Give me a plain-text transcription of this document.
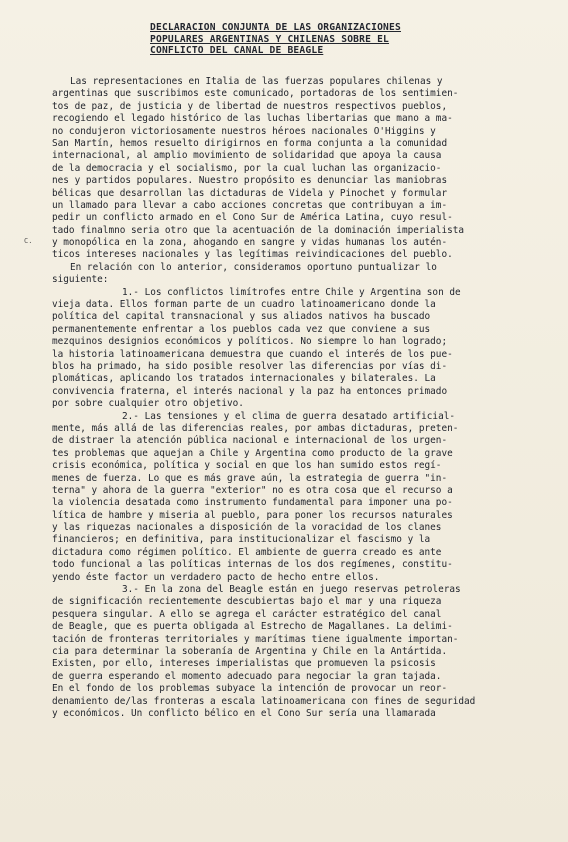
DECLARACION CONJUNTA DE LAS ORGANIZACIONES
POPULARES ARGENTINAS Y CHILENAS SOBRE EL
CONFLICTO DEL CANAL DE BEAGLE
C.
Las representaciones en Italia de las fuerzas populares chilenas y
argentinas que suscribimos este comunicado, portadoras de los sentimien-
tos de paz, de justicia y de libertad de nuestros respectivos pueblos,
recogiendo el legado histórico de las luchas libertarias que mano a ma-
no condujeron victoriosamente nuestros héroes nacionales O'Higgins y
San Martín, hemos resuelto dirigirnos en forma conjunta a la comunidad
internacional, al amplio movimiento de solidaridad que apoya la causa
de la democracia y el socialismo, por la cual luchan las organizacio-
nes y partidos populares. Nuestro propósito es denunciar las maniobras
bélicas que desarrollan las dictaduras de Videla y Pinochet y formular
un llamado para llevar a cabo acciones concretas que contribuyan a im-
pedir un conflicto armado en el Cono Sur de América Latina, cuyo resul-
tado finalmno seria otro que la acentuación de la dominación imperialista
y monopólica en la zona, ahogando en sangre y vidas humanas los autén-
ticos intereses nacionales y las legítimas reivindicaciones del pueblo.
En relación con lo anterior, consideramos oportuno puntualizar lo
siguiente:
1.- Los conflictos limítrofes entre Chile y Argentina son de
vieja data. Ellos forman parte de un cuadro latinoamericano donde la
política del capital transnacional y sus aliados nativos ha buscado
permanentemente enfrentar a los pueblos cada vez que conviene a sus
mezquinos designios económicos y políticos. No siempre lo han logrado;
la historia latinoamericana demuestra que cuando el interés de los pue-
blos ha primado, ha sido posible resolver las diferencias por vías di-
plomáticas, aplicando los tratados internacionales y bilaterales. La
convivencia fraterna, el interés nacional y la paz ha entonces primado
por sobre cualquier otro objetivo.
2.- Las tensiones y el clima de guerra desatado artificial-
mente, más allá de las diferencias reales, por ambas dictaduras, preten-
de distraer la atención pública nacional e internacional de los urgen-
tes problemas que aquejan a Chile y Argentina como producto de la grave
crisis económica, política y social en que los han sumido estos regí-
menes de fuerza. Lo que es más grave aún, la estrategia de guerra "in-
terna" y ahora de la guerra "exterior" no es otra cosa que el recurso a
la violencia desatada como instrumento fundamental para imponer una po-
lítica de hambre y miseria al pueblo, para poner los recursos naturales
y las riquezas nacionales a disposición de la voracidad de los clanes
financieros; en definitiva, para institucionalizar el fascismo y la
dictadura como régimen político. El ambiente de guerra creado es ante
todo funcional a las políticas internas de los dos regímenes, constitu-
yendo éste factor un verdadero pacto de hecho entre ellos.
3.- En la zona del Beagle están en juego reservas petroleras
de significación recientemente descubiertas bajo el mar y una riqueza
pesquera singular. A ello se agrega el carácter estratégico del canal
de Beagle, que es puerta obligada al Estrecho de Magallanes. La delimi-
tación de fronteras territoriales y marítimas tiene igualmente importan-
cia para determinar la soberanía de Argentina y Chile en la Antártida.
Existen, por ello, intereses imperialistas que promueven la psicosis
de guerra esperando el momento adecuado para negociar la gran tajada.
En el fondo de los problemas subyace la intención de provocar un reor-
denamiento de/las fronteras a escala latinoamericana con fines de seguridad
y económicos. Un conflicto bélico en el Cono Sur sería una llamarada
